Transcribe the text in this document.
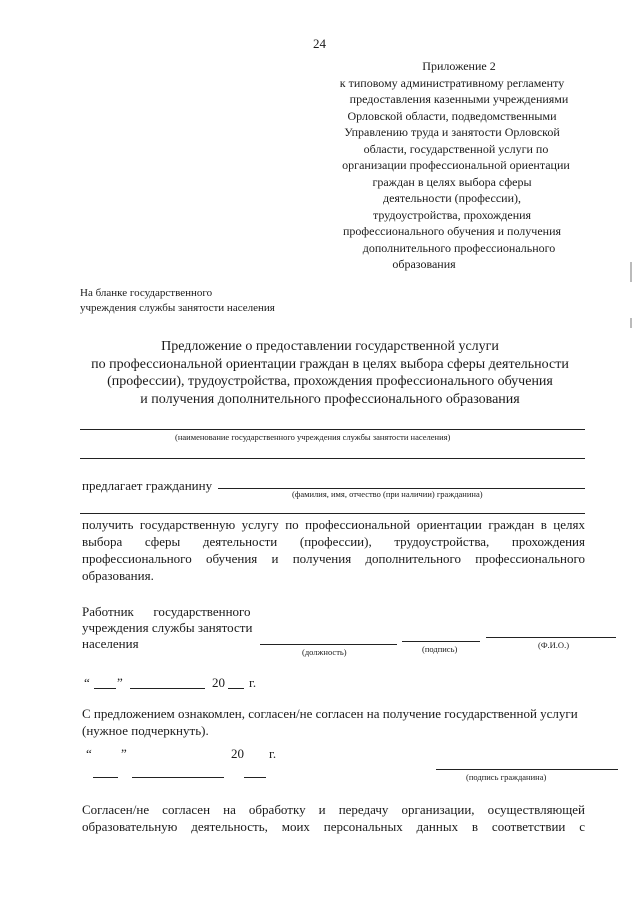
24
Приложение 2
к типовому административному регламенту
предоставления казенными учреждениями
Орловской области, подведомственными
Управлению труда и занятости Орловской
области, государственной услуги по
организации профессиональной ориентации
граждан в целях выбора сферы
деятельности (профессии),
трудоустройства, прохождения
профессионального обучения и получения
дополнительного профессионального
образования
На бланке государственного
учреждения службы занятости населения
Предложение о предоставлении государственной услуги
по профессиональной ориентации граждан в целях выбора сферы деятельности
(профессии), трудоустройства, прохождения профессионального обучения
и получения дополнительного профессионального образования
(наименование государственного учреждения службы занятости населения)
предлагает гражданину
(фамилия, имя, отчество (при наличии) гражданина)
получить государственную услугу по профессиональной ориентации граждан в целях
выбора сферы деятельности (профессии), трудоустройства, прохождения
профессионального обучения и получения дополнительного профессионального
образования.
Работник      государственного
учреждения службы занятости
населения
(должность)	(подпись)	(Ф.И.О.)
“ ”	20 г.
С предложением ознакомлен, согласен/не согласен на получение государственной услуги
(нужное подчеркнуть).
“ ”	20 г.
(подпись гражданина)
Согласен/не согласен на обработку и передачу организации, осуществляющей
образовательную деятельность, моих персональных данных в соответствии с
